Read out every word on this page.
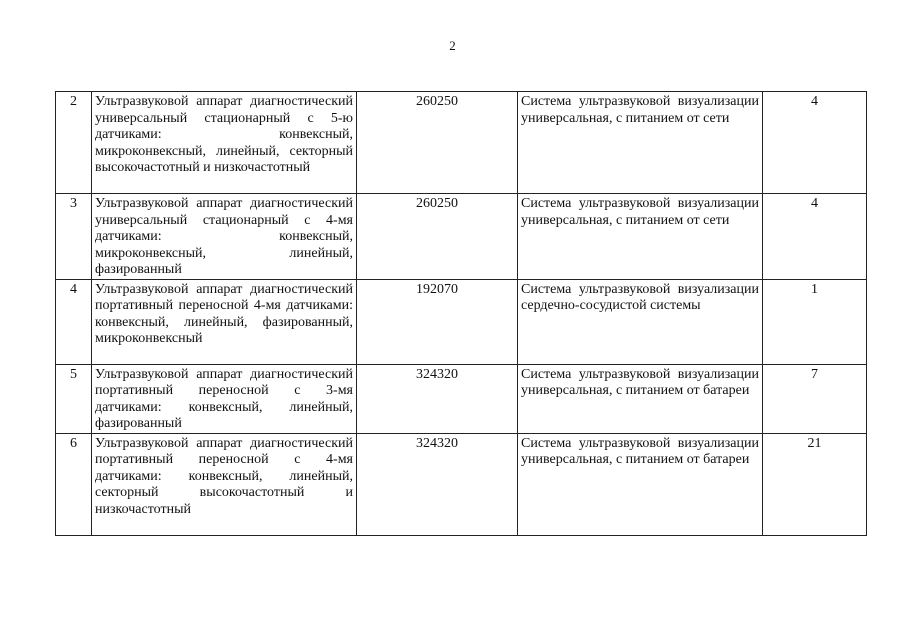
2
2	Ультразвуковой аппарат диагностический универсальный стационарный с 5-ю датчиками: конвексный, микроконвексный, линейный, секторный высокочастотный и низкочастотный	260250	Система ультразвуковой визуализации универсальная, с питанием от сети	4
3	Ультразвуковой аппарат диагностический универсальный стационарный с 4-мя датчиками: конвексный, микроконвексный, линейный, фазированный	260250	Система ультразвуковой визуализации универсальная, с питанием от сети	4
4	Ультразвуковой аппарат диагностический портативный переносной 4-мя датчиками: конвексный, линейный, фазированный, микроконвексный	192070	Система ультразвуковой визуализации сердечно-сосудистой системы	1
5	Ультразвуковой аппарат диагностический портативный переносной с 3-мя датчиками: конвексный, линейный, фазированный	324320	Система ультразвуковой визуализации универсальная, с питанием от батареи	7
6	Ультразвуковой аппарат диагностический портативный переносной с 4-мя датчиками: конвексный, линейный, секторный высокочастотный и низкочастотный	324320	Система ультразвуковой визуализации универсальная, с питанием от батареи	21
